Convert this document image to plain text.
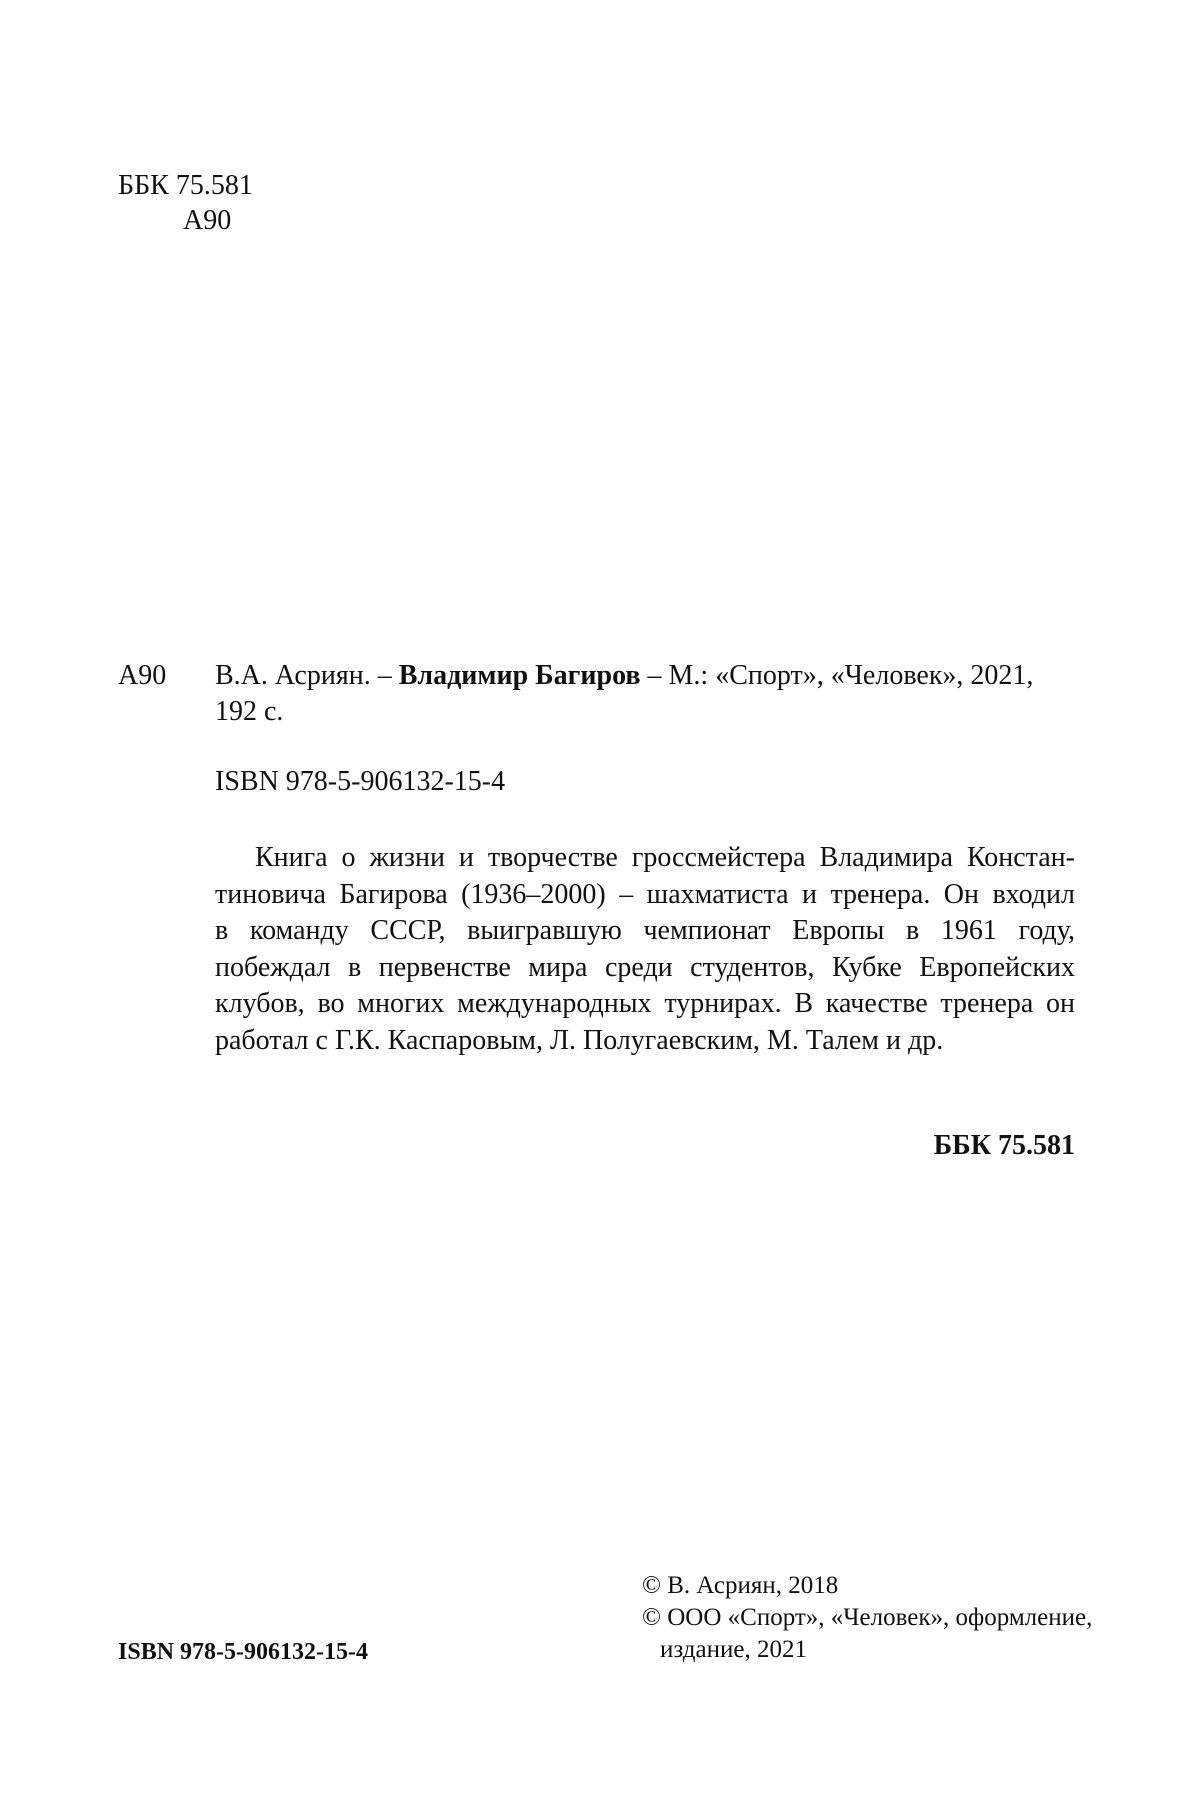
ББК 75.581
А90
А90 В.А. Асриян. – Владимир Багиров – М.: «Спорт», «Человек», 2021,
192 с.
ISBN 978-5-906132-15-4
Книга о жизни и творчестве гроссмейстера Владимира Констан-
тиновича Багирова (1936–2000) – шахматиста и тренера. Он входил
в команду СССР, выигравшую чемпионат Европы в 1961 году,
побеждал в первенстве мира среди студентов, Кубке Европейских
клубов, во многих международных турнирах. В качестве тренера он
работал с Г.К. Каспаровым, Л. Полугаевским, М. Талем и др.
ББК 75.581
ISBN 978-5-906132-15-4
© В. Асриян, 2018
© ООО «Спорт», «Человек», оформление,
издание, 2021
